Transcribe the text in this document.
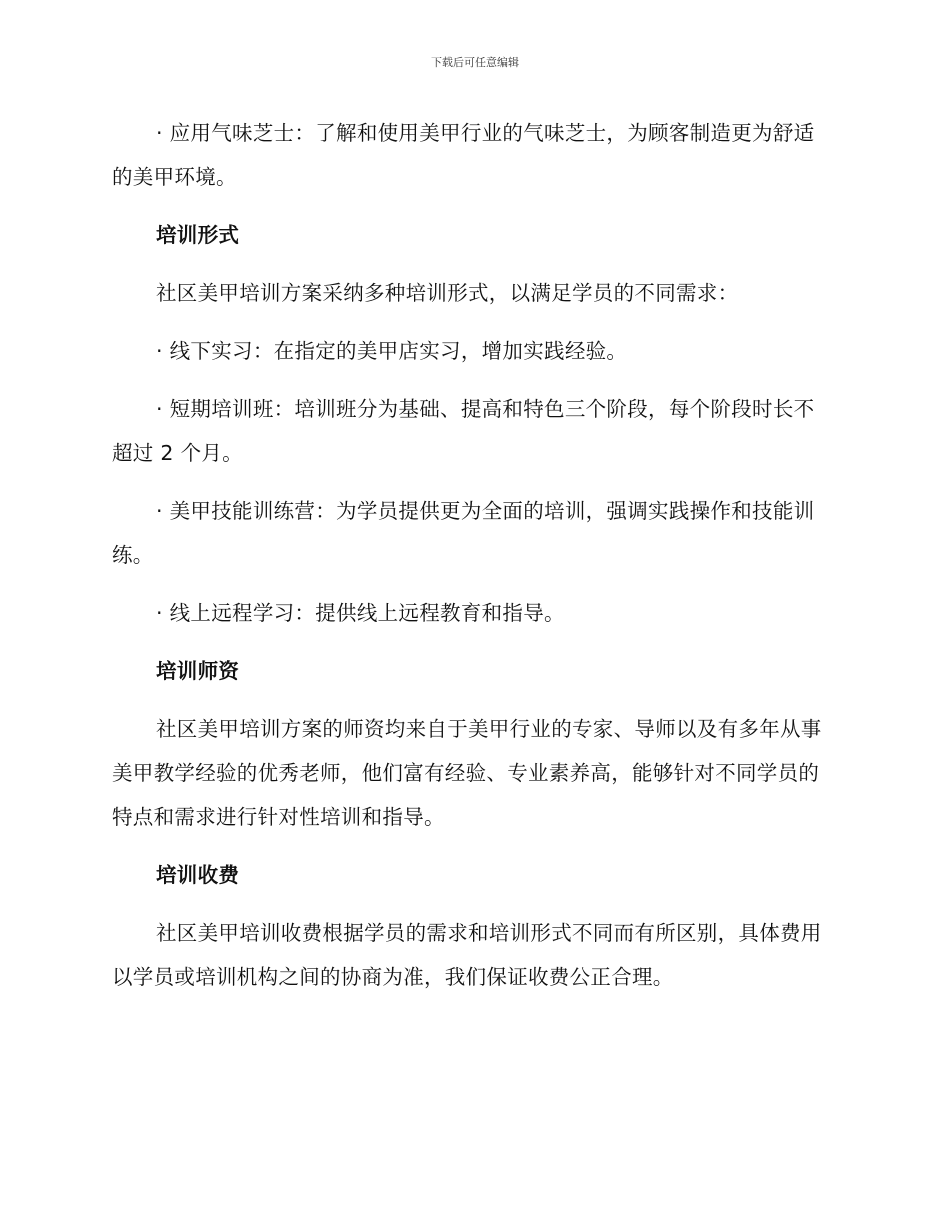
下载后可任意编辑

· 应用气味芝士：了解和使用美甲行业的气味芝士，为顾客制造更为舒适的美甲环境。

培训形式

社区美甲培训方案采纳多种培训形式，以满足学员的不同需求：

· 线下实习：在指定的美甲店实习，增加实践经验。

· 短期培训班：培训班分为基础、提高和特色三个阶段，每个阶段时长不超过 2 个月。

· 美甲技能训练营：为学员提供更为全面的培训，强调实践操作和技能训练。

· 线上远程学习：提供线上远程教育和指导。

培训师资

社区美甲培训方案的师资均来自于美甲行业的专家、导师以及有多年从事美甲教学经验的优秀老师，他们富有经验、专业素养高，能够针对不同学员的特点和需求进行针对性培训和指导。

培训收费

社区美甲培训收费根据学员的需求和培训形式不同而有所区别，具体费用以学员或培训机构之间的协商为准，我们保证收费公正合理。
